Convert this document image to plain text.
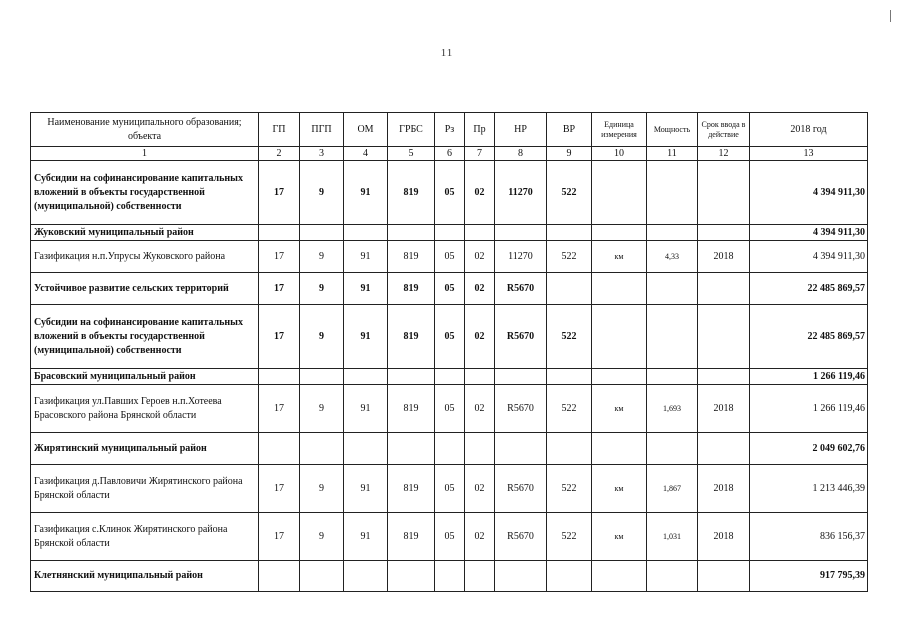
11
Наименование муниципального образования; объекта	ГП	ПГП	ОМ	ГРБС	Рз	Пр	НР	ВР	Единица измерения	Мощность	Срок ввода в действие	2018 год
1	2	3	4	5	6	7	8	9	10	11	12	13
Субсидии на софинансирование капитальных вложений в объекты государственной (муниципальной) собственности	17	9	91	819	05	02	11270	522				4 394 911,30
Жуковский муниципальный район												4 394 911,30
Газификация н.п.Упрусы Жуковского района	17	9	91	819	05	02	11270	522	км	4,33	2018	4 394 911,30
Устойчивое развитие сельских территорий	17	9	91	819	05	02	R5670					22 485 869,57
Субсидии на софинансирование капитальных вложений в объекты государственной (муниципальной) собственности	17	9	91	819	05	02	R5670	522				22 485 869,57
Брасовский муниципальный район												1 266 119,46
Газификация ул.Павших Героев н.п.Хотеева Брасовского района Брянской области	17	9	91	819	05	02	R5670	522	км	1,693	2018	1 266 119,46
Жирятинский муниципальный район												2 049 602,76
Газификация д.Павловичи Жирятинского района Брянской области	17	9	91	819	05	02	R5670	522	км	1,867	2018	1 213 446,39
Газификация с.Клинок Жирятинского района Брянской области	17	9	91	819	05	02	R5670	522	км	1,031	2018	836 156,37
Клетнянский муниципальный район												917 795,39
